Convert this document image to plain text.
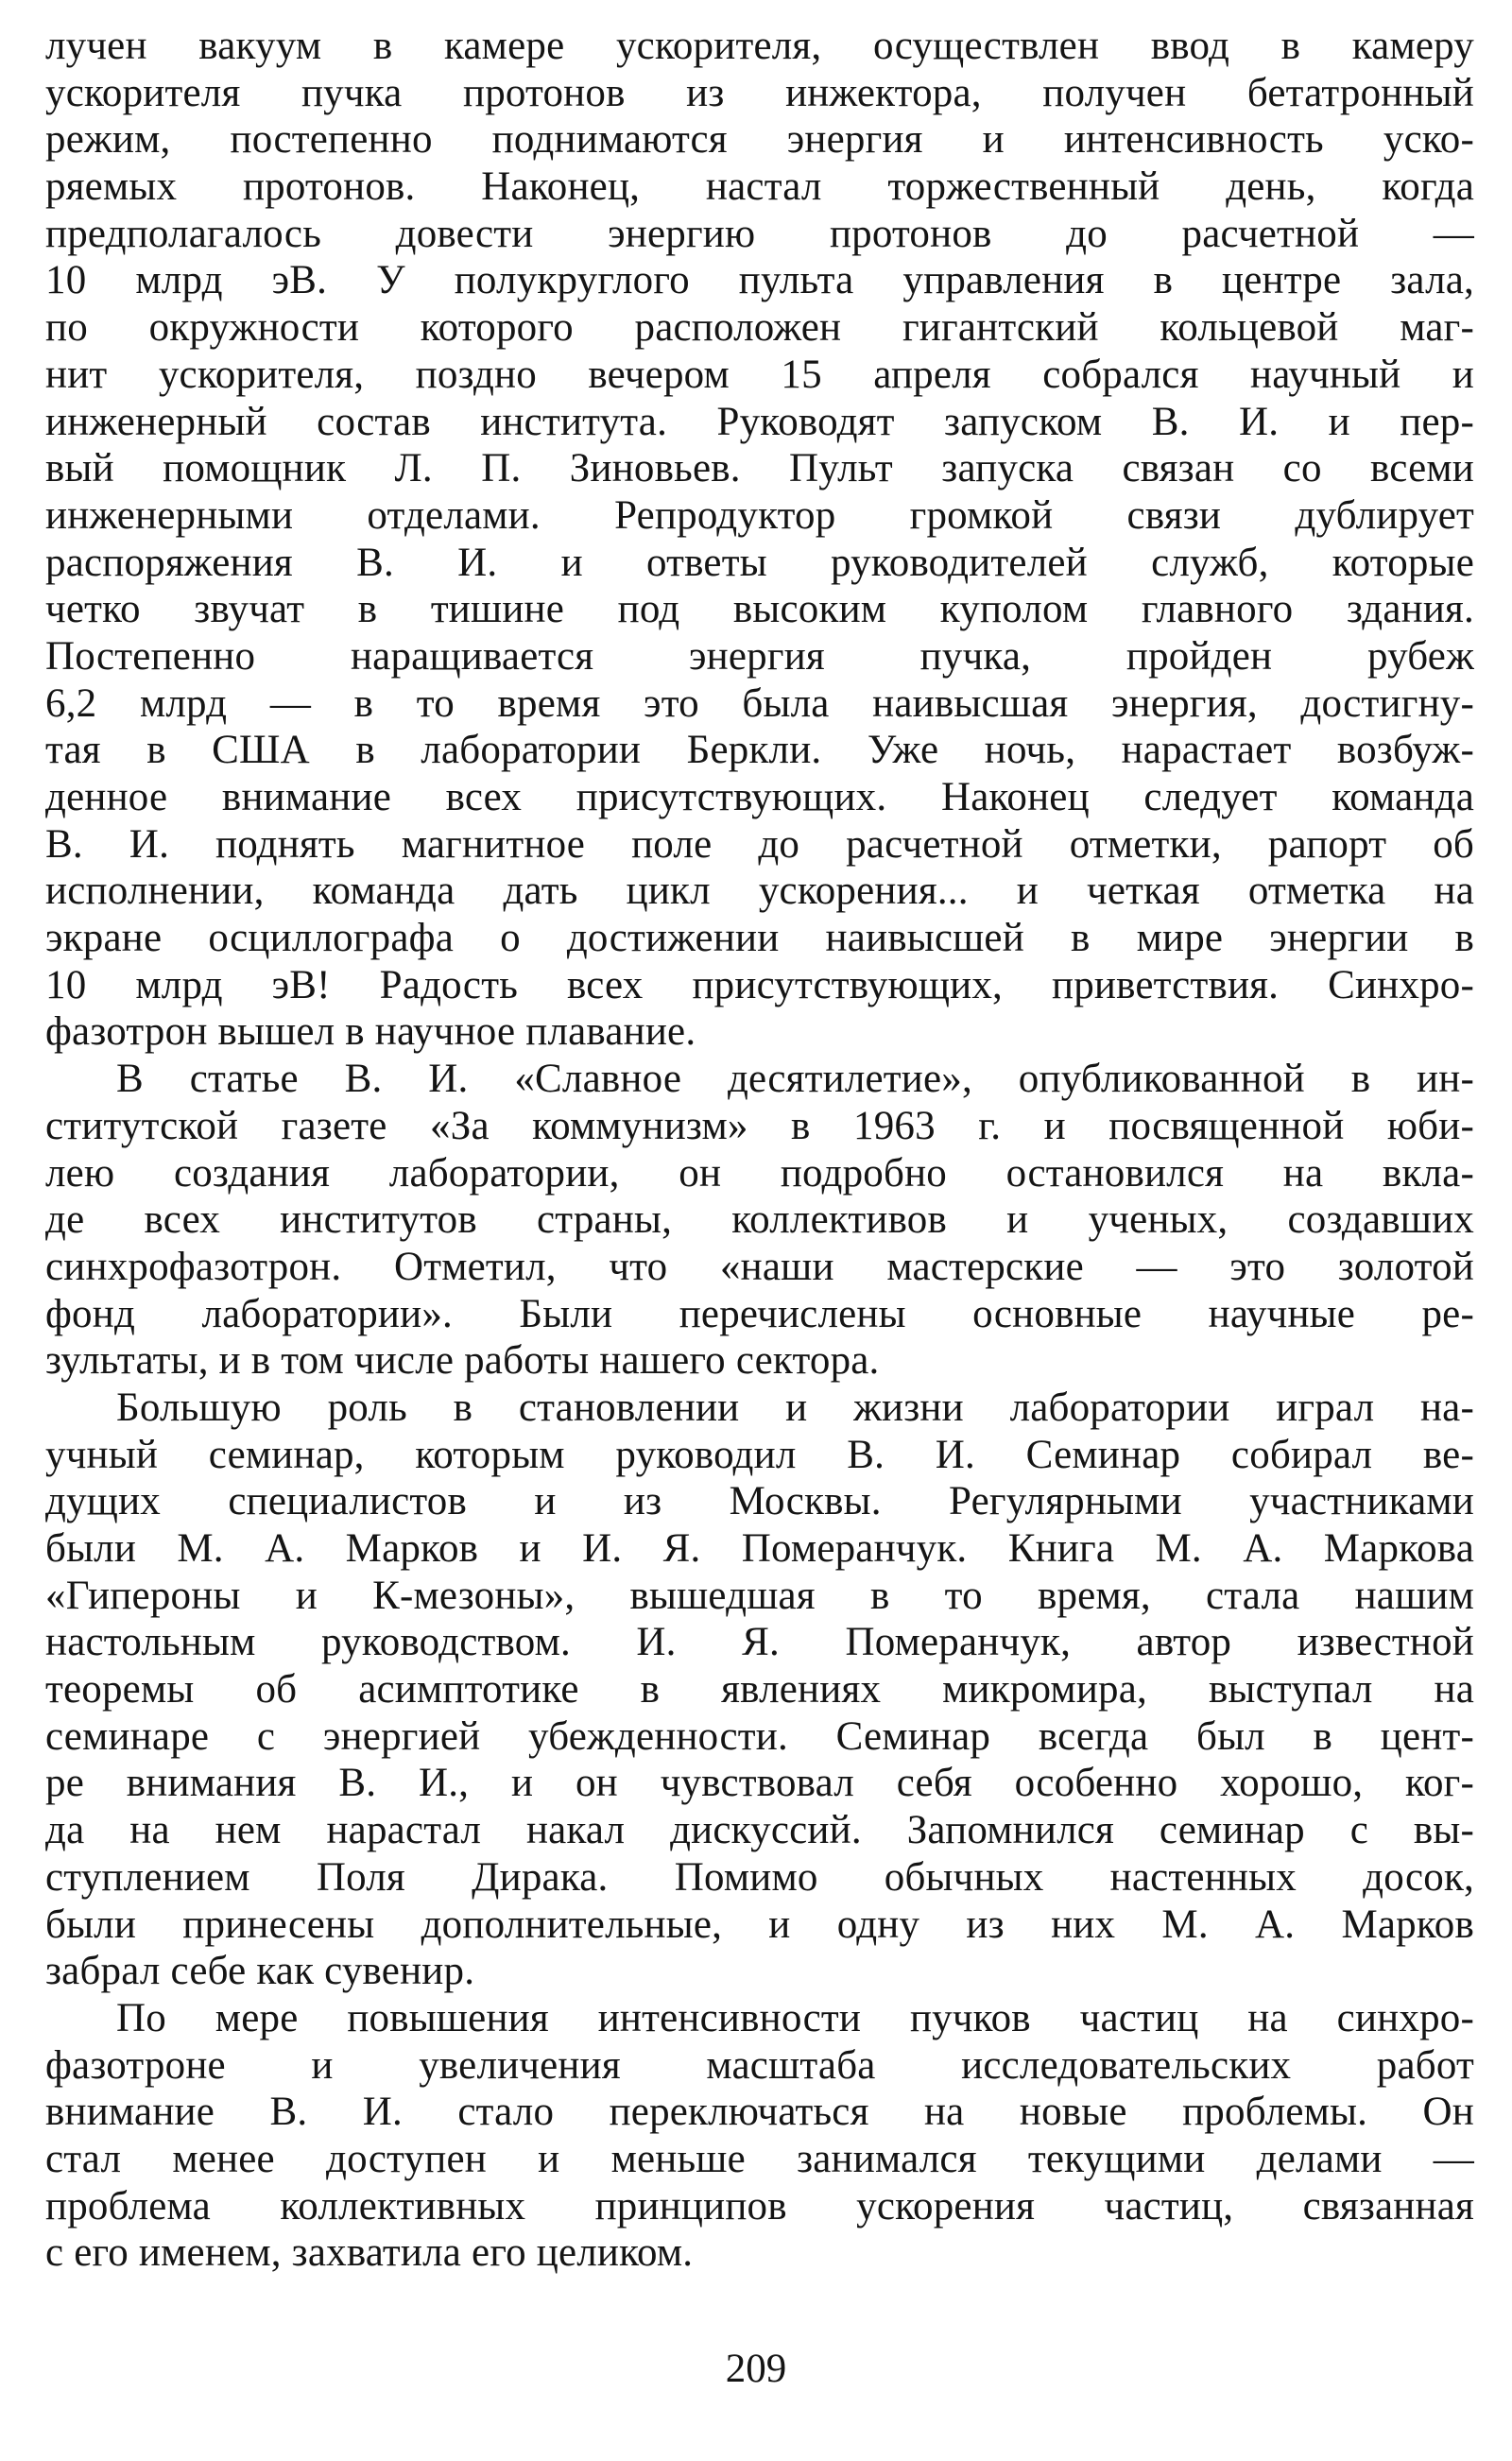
лучен вакуум в камере ускорителя, осуществлен ввод в камеру
ускорителя пучка протонов из инжектора, получен бетатронный
режим, постепенно поднимаются энергия и интенсивность уско-
ряемых протонов. Наконец, настал торжественный день, когда
предполагалось довести энергию протонов до расчетной —
10 млрд эВ. У полукруглого пульта управления в центре зала,
по окружности которого расположен гигантский кольцевой маг-
нит ускорителя, поздно вечером 15 апреля собрался научный и
инженерный состав института. Руководят запуском В. И. и пер-
вый помощник Л. П. Зиновьев. Пульт запуска связан со всеми
инженерными отделами. Репродуктор громкой связи дублирует
распоряжения В. И. и ответы руководителей служб, которые
четко звучат в тишине под высоким куполом главного здания.
Постепенно наращивается энергия пучка, пройден рубеж
6,2 млрд — в то время это была наивысшая энергия, достигну-
тая в США в лаборатории Беркли. Уже ночь, нарастает возбуж-
денное внимание всех присутствующих. Наконец следует команда
В. И. поднять магнитное поле до расчетной отметки, рапорт об
исполнении, команда дать цикл ускорения... и четкая отметка на
экране осциллографа о достижении наивысшей в мире энергии в
10 млрд эВ! Радость всех присутствующих, приветствия. Синхро-
фазотрон вышел в научное плавание.
В статье В. И. «Славное десятилетие», опубликованной в ин-
ститутской газете «За коммунизм» в 1963 г. и посвященной юби-
лею создания лаборатории, он подробно остановился на вкла-
де всех институтов страны, коллективов и ученых, создавших
синхрофазотрон. Отметил, что «наши мастерские — это золотой
фонд лаборатории». Были перечислены основные научные ре-
зультаты, и в том числе работы нашего сектора.
Большую роль в становлении и жизни лаборатории играл на-
учный семинар, которым руководил В. И. Семинар собирал ве-
дущих специалистов и из Москвы. Регулярными участниками
были М. А. Марков и И. Я. Померанчук. Книга М. А. Маркова
«Гипероны и К-мезоны», вышедшая в то время, стала нашим
настольным руководством. И. Я. Померанчук, автор известной
теоремы об асимптотике в явлениях микромира, выступал на
семинаре с энергией убежденности. Семинар всегда был в цент-
ре внимания В. И., и он чувствовал себя особенно хорошо, ког-
да на нем нарастал накал дискуссий. Запомнился семинар с вы-
ступлением Поля Дирака. Помимо обычных настенных досок,
были принесены дополнительные, и одну из них М. А. Марков
забрал себе как сувенир.
По мере повышения интенсивности пучков частиц на синхро-
фазотроне и увеличения масштаба исследовательских работ
внимание В. И. стало переключаться на новые проблемы. Он
стал менее доступен и меньше занимался текущими делами —
проблема коллективных принципов ускорения частиц, связанная
с его именем, захватила его целиком.
209
